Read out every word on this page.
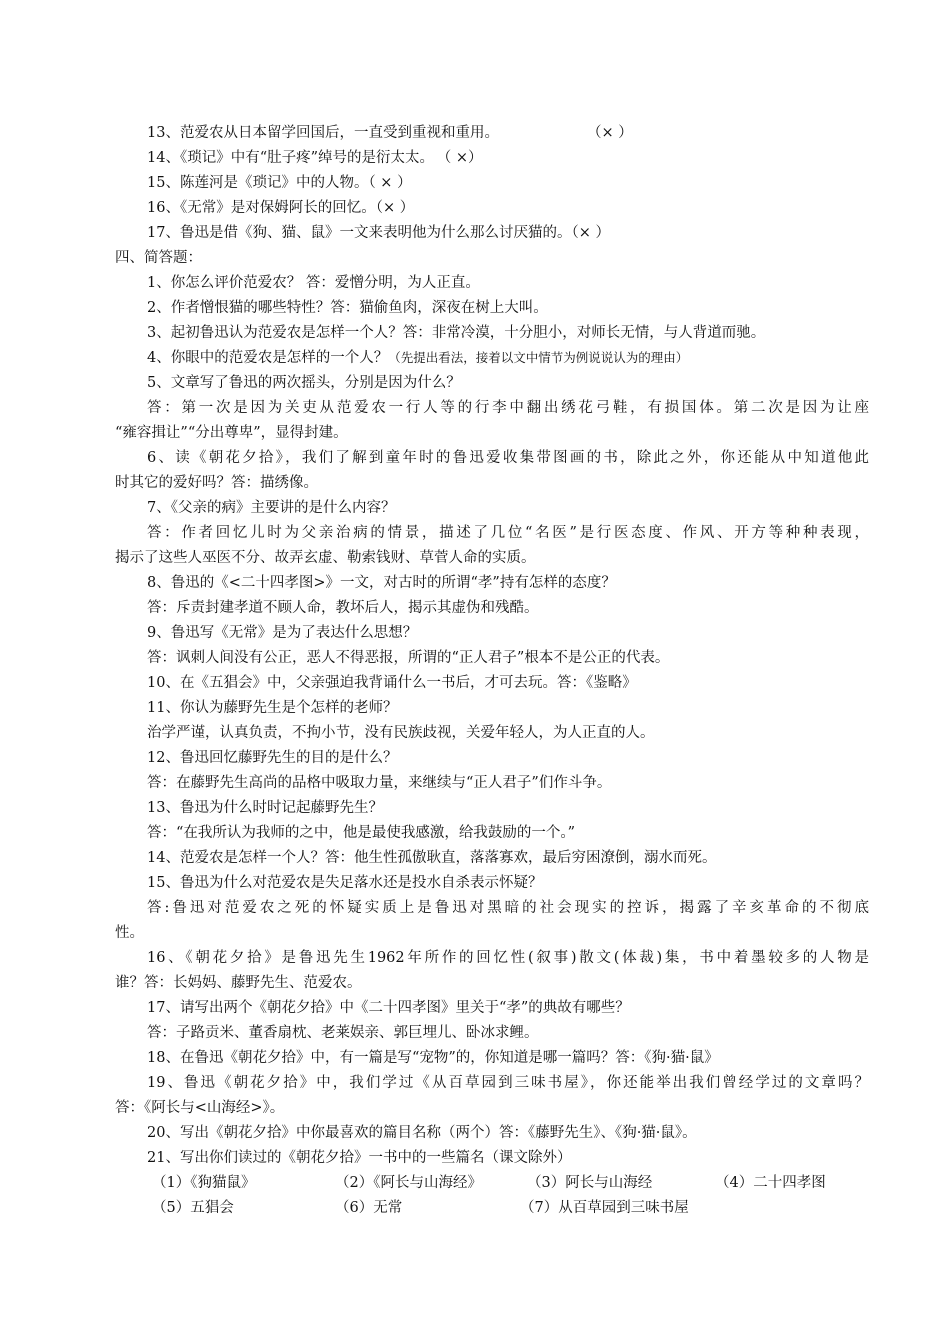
13、范爱农从日本留学回国后，一直受到重视和重用。	（× ）
14、《琐记》中有“肚子疼”绰号的是衍太太。 （ ×）
15、陈莲河是《琐记》中的人物。（ × ）
16、《无常》是对保姆阿长的回忆。（× ）
17、鲁迅是借《狗、猫、鼠》一文来表明他为什么那么讨厌猫的。（× ）
四、简答题：
1、你怎么评价范爱农？ 答：爱憎分明，为人正直。
2、作者憎恨猫的哪些特性？答：猫偷鱼肉，深夜在树上大叫。
3、起初鲁迅认为范爱农是怎样一个人？答：非常冷漠，十分胆小，对师长无情，与人背道而驰。
4、你眼中的范爱农是怎样的一个人？（先提出看法，接着以文中情节为例说说认为的理由）
5、文章写了鲁迅的两次摇头，分别是因为什么？
答：第一次是因为关吏从范爱农一行人等的行李中翻出绣花弓鞋，有损国体。第二次是因为让座
“雍容揖让”“分出尊卑”，显得封建。
6、读《朝花夕拾》，我们了解到童年时的鲁迅爱收集带图画的书，除此之外，你还能从中知道他此
时其它的爱好吗？答：描绣像。
7、《父亲的病》主要讲的是什么内容？
答：作者回忆儿时为父亲治病的情景，描述了几位“名医”是行医态度、作风、开方等种种表现，
揭示了这些人巫医不分、故弄玄虚、勒索钱财、草菅人命的实质。
8、鲁迅的《<二十四孝图>》一文，对古时的所谓“孝”持有怎样的态度？
答：斥责封建孝道不顾人命，教坏后人，揭示其虚伪和残酷。
9、鲁迅写《无常》是为了表达什么思想？
答：讽刺人间没有公正，恶人不得恶报，所谓的“正人君子”根本不是公正的代表。
10、在《五猖会》中，父亲强迫我背诵什么一书后，才可去玩。答：《鉴略》
11、你认为藤野先生是个怎样的老师？
治学严谨，认真负责，不拘小节，没有民族歧视，关爱年轻人，为人正直的人。
12、鲁迅回忆藤野先生的目的是什么？
答：在藤野先生高尚的品格中吸取力量，来继续与“正人君子”们作斗争。
13、鲁迅为什么时时记起藤野先生？
答：“在我所认为我师的之中，他是最使我感激，给我鼓励的一个。”
14、范爱农是怎样一个人？答：他生性孤傲耿直，落落寡欢，最后穷困潦倒，溺水而死。
15、鲁迅为什么对范爱农是失足落水还是投水自杀表示怀疑？
答:鲁迅对范爱农之死的怀疑实质上是鲁迅对黑暗的社会现实的控诉，揭露了辛亥革命的不彻底
性。
16、《朝花夕拾》是鲁迅先生1962年所作的回忆性(叙事)散文(体裁)集，书中着墨较多的人物是
谁？答：长妈妈、藤野先生、范爱农。
17、请写出两个《朝花夕拾》中《二十四孝图》里关于“孝”的典故有哪些？
答：子路贡米、董香扇枕、老莱娱亲、郭巨埋儿、卧冰求鲤。
18、在鲁迅《朝花夕拾》中，有一篇是写“宠物”的，你知道是哪一篇吗？答：《狗·猫·鼠》
19、鲁迅《朝花夕拾》中，我们学过《从百草园到三味书屋》，你还能举出我们曾经学过的文章吗？
答：《阿长与<山海经>》。
20、写出《朝花夕拾》中你最喜欢的篇目名称（两个）答：《藤野先生》、《狗·猫·鼠》。
21、写出你们读过的《朝花夕拾》一书中的一些篇名（课文除外）
（1）《狗猫鼠》	（2）《阿长与山海经》	（3）阿长与山海经	（4）二十四孝图
（5）五猖会	（6）无常	（7）从百草园到三味书屋
